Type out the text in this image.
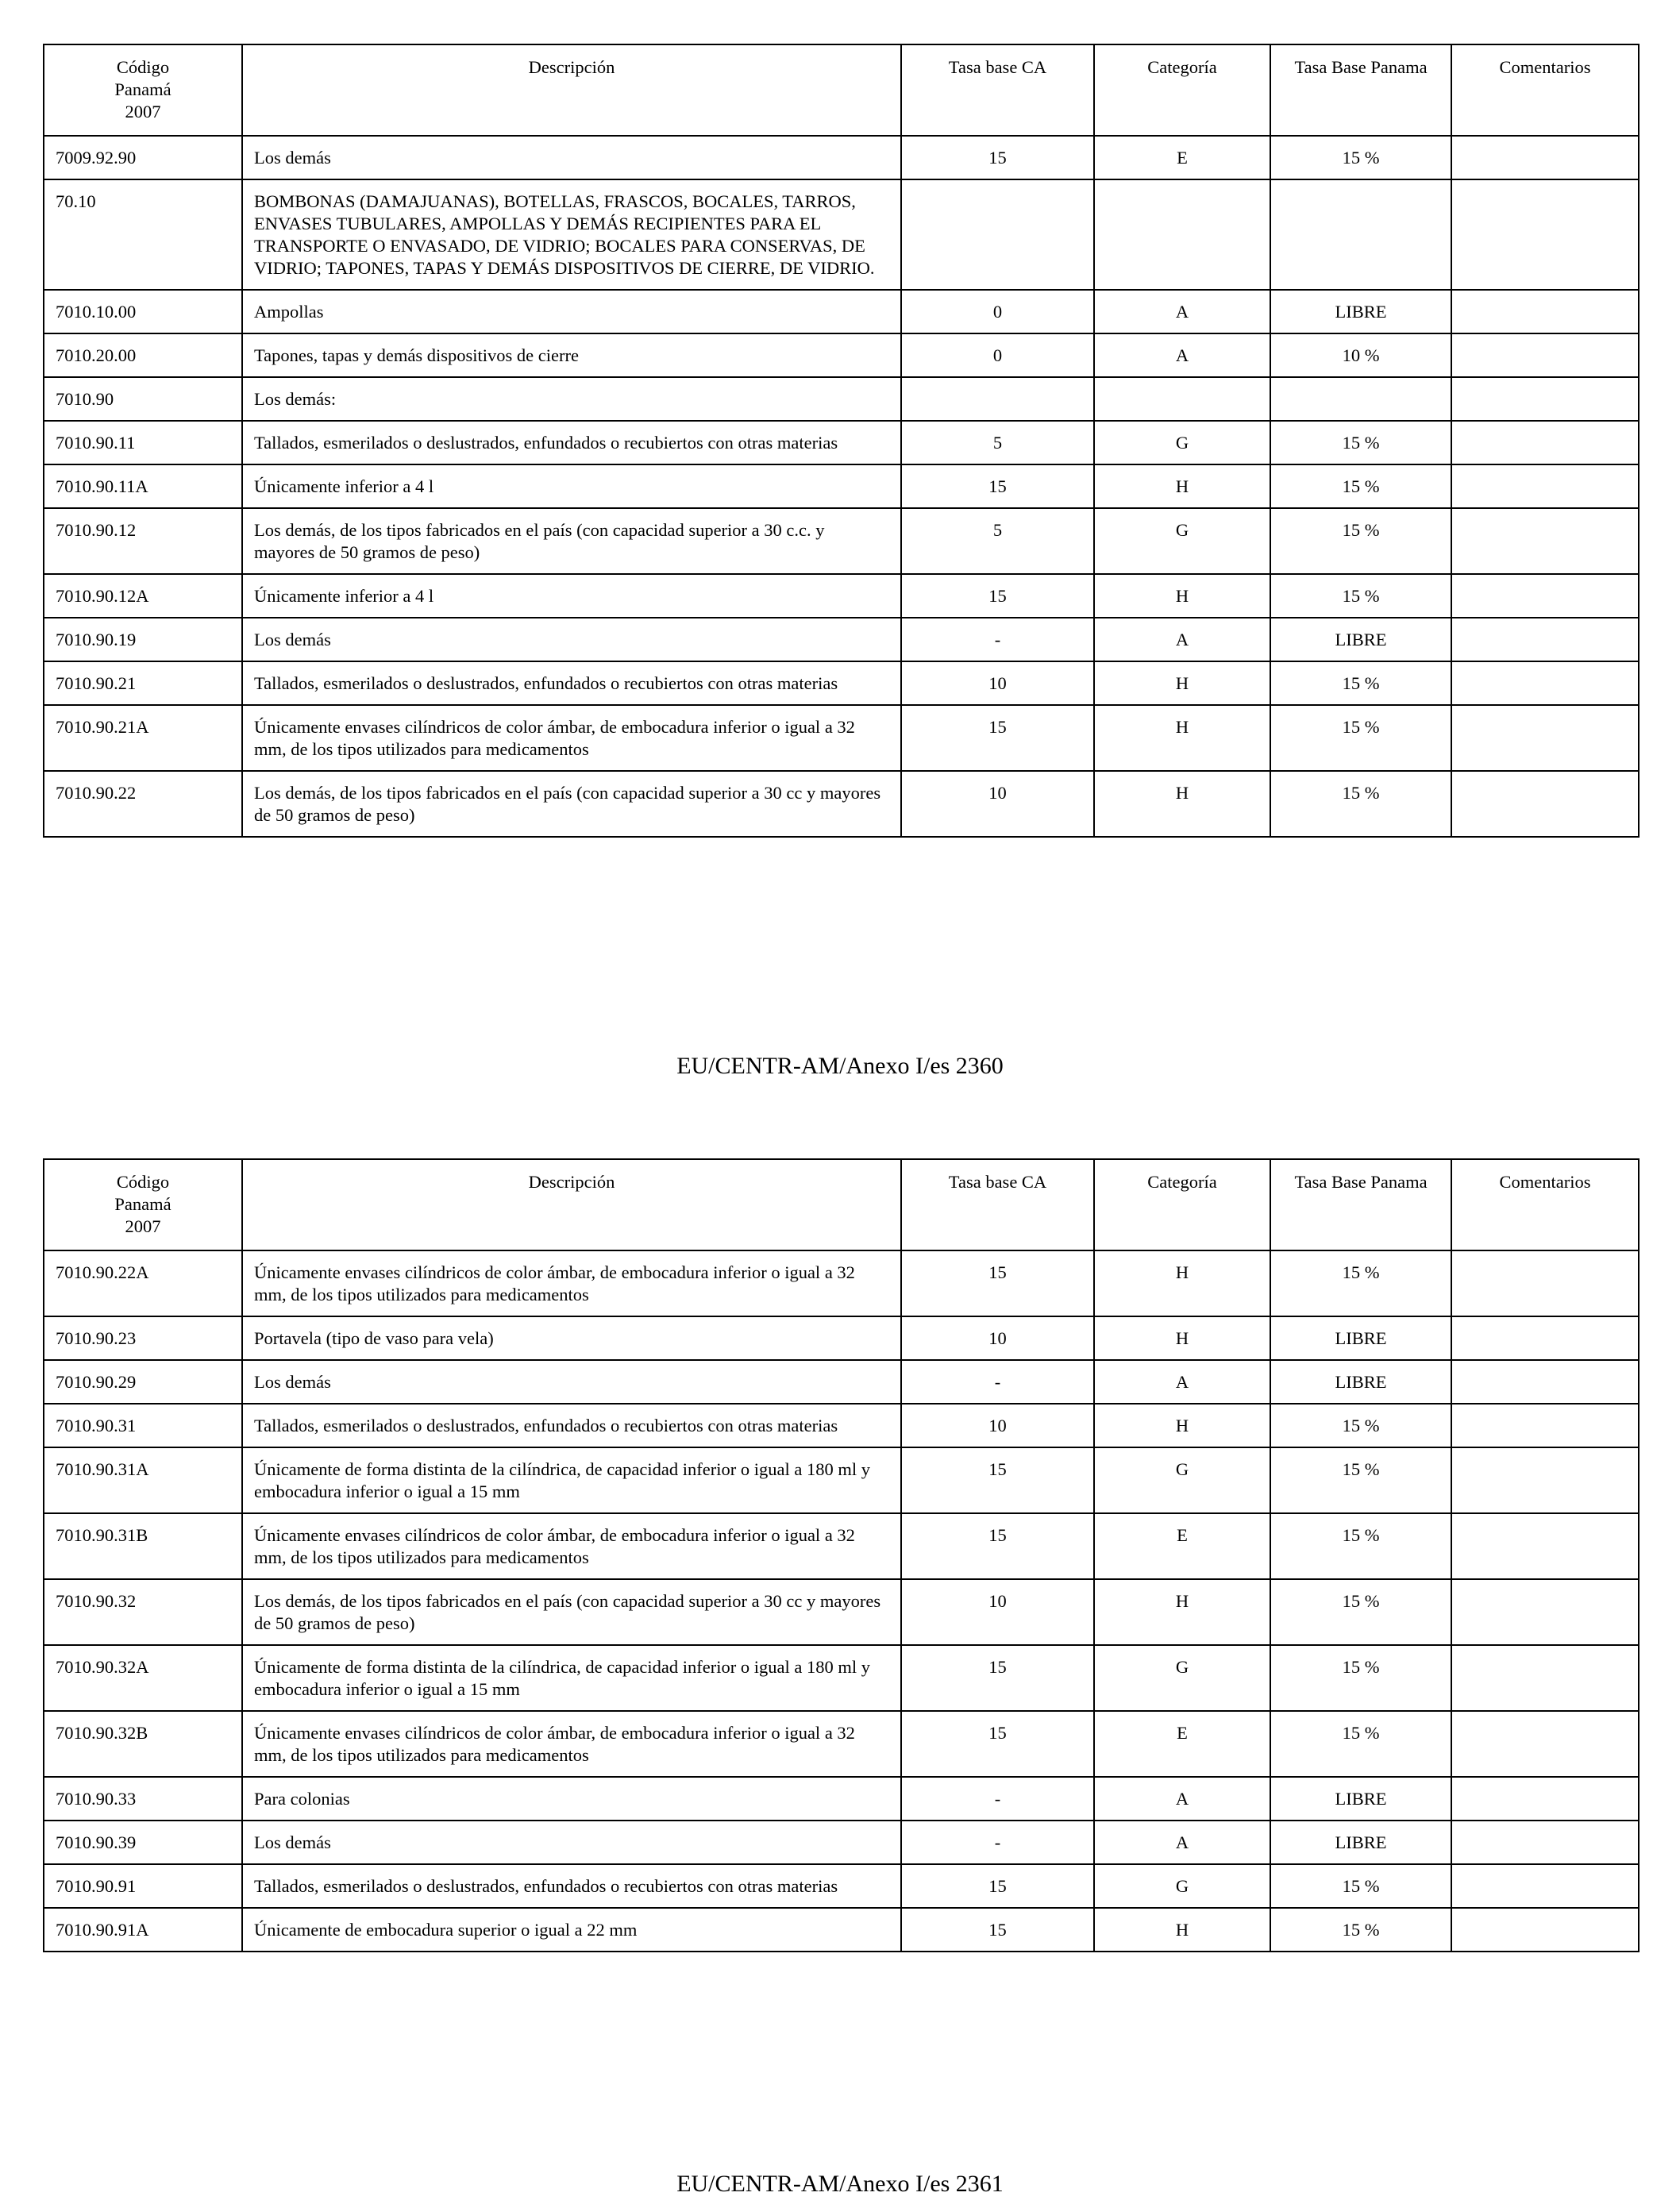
Código
Panamá
2007	Descripción	Tasa base CA	Categoría	Tasa Base Panama	Comentarios
7009.92.90	Los demás	15	E	15 %	
70.10	BOMBONAS (DAMAJUANAS), BOTELLAS, FRASCOS, BOCALES, TARROS, ENVASES TUBULARES, AMPOLLAS Y DEMÁS RECIPIENTES PARA EL TRANSPORTE O ENVASADO, DE VIDRIO; BOCALES PARA CONSERVAS, DE VIDRIO; TAPONES, TAPAS Y DEMÁS DISPOSITIVOS DE CIERRE, DE VIDRIO.				
7010.10.00	Ampollas	0	A	LIBRE	
7010.20.00	Tapones, tapas y demás dispositivos de cierre	0	A	10 %	
7010.90	Los demás:				
7010.90.11	Tallados, esmerilados o deslustrados, enfundados o recubiertos con otras materias	5	G	15 %	
7010.90.11A	Únicamente inferior a 4 l	15	H	15 %	
7010.90.12	Los demás, de los tipos fabricados en el país (con capacidad superior a 30 c.c. y mayores de 50 gramos de peso)	5	G	15 %	
7010.90.12A	Únicamente inferior a 4 l	15	H	15 %	
7010.90.19	Los demás	-	A	LIBRE	
7010.90.21	Tallados, esmerilados o deslustrados, enfundados o recubiertos con otras materias	10	H	15 %	
7010.90.21A	Únicamente envases cilíndricos de color ámbar, de embocadura inferior o igual a 32 mm, de los tipos utilizados para medicamentos	15	H	15 %	
7010.90.22	Los demás, de los tipos fabricados en el país (con capacidad superior a 30 cc y mayores de 50 gramos de peso)	10	H	15 %	
EU/CENTR-AM/Anexo I/es 2360
Código
Panamá
2007	Descripción	Tasa base CA	Categoría	Tasa Base Panama	Comentarios
7010.90.22A	Únicamente envases cilíndricos de color ámbar, de embocadura inferior o igual a 32 mm, de los tipos utilizados para medicamentos	15	H	15 %	
7010.90.23	Portavela (tipo de vaso para vela)	10	H	LIBRE	
7010.90.29	Los demás	-	A	LIBRE	
7010.90.31	Tallados, esmerilados o deslustrados, enfundados o recubiertos con otras materias	10	H	15 %	
7010.90.31A	Únicamente de forma distinta de la cilíndrica, de capacidad inferior o igual a 180 ml y embocadura inferior o igual a 15 mm	15	G	15 %	
7010.90.31B	Únicamente envases cilíndricos de color ámbar, de embocadura inferior o igual a 32 mm, de los tipos utilizados para medicamentos	15	E	15 %	
7010.90.32	Los demás, de los tipos fabricados en el país (con capacidad superior a 30 cc y mayores de 50 gramos de peso)	10	H	15 %	
7010.90.32A	Únicamente de forma distinta de la cilíndrica, de capacidad inferior o igual a 180 ml y embocadura inferior o igual a 15 mm	15	G	15 %	
7010.90.32B	Únicamente envases cilíndricos de color ámbar, de embocadura inferior o igual a 32 mm, de los tipos utilizados para medicamentos	15	E	15 %	
7010.90.33	Para colonias	-	A	LIBRE	
7010.90.39	Los demás	-	A	LIBRE	
7010.90.91	Tallados, esmerilados o deslustrados, enfundados o recubiertos con otras materias	15	G	15 %	
7010.90.91A	Únicamente de embocadura superior o igual a 22 mm	15	H	15 %	
EU/CENTR-AM/Anexo I/es 2361
